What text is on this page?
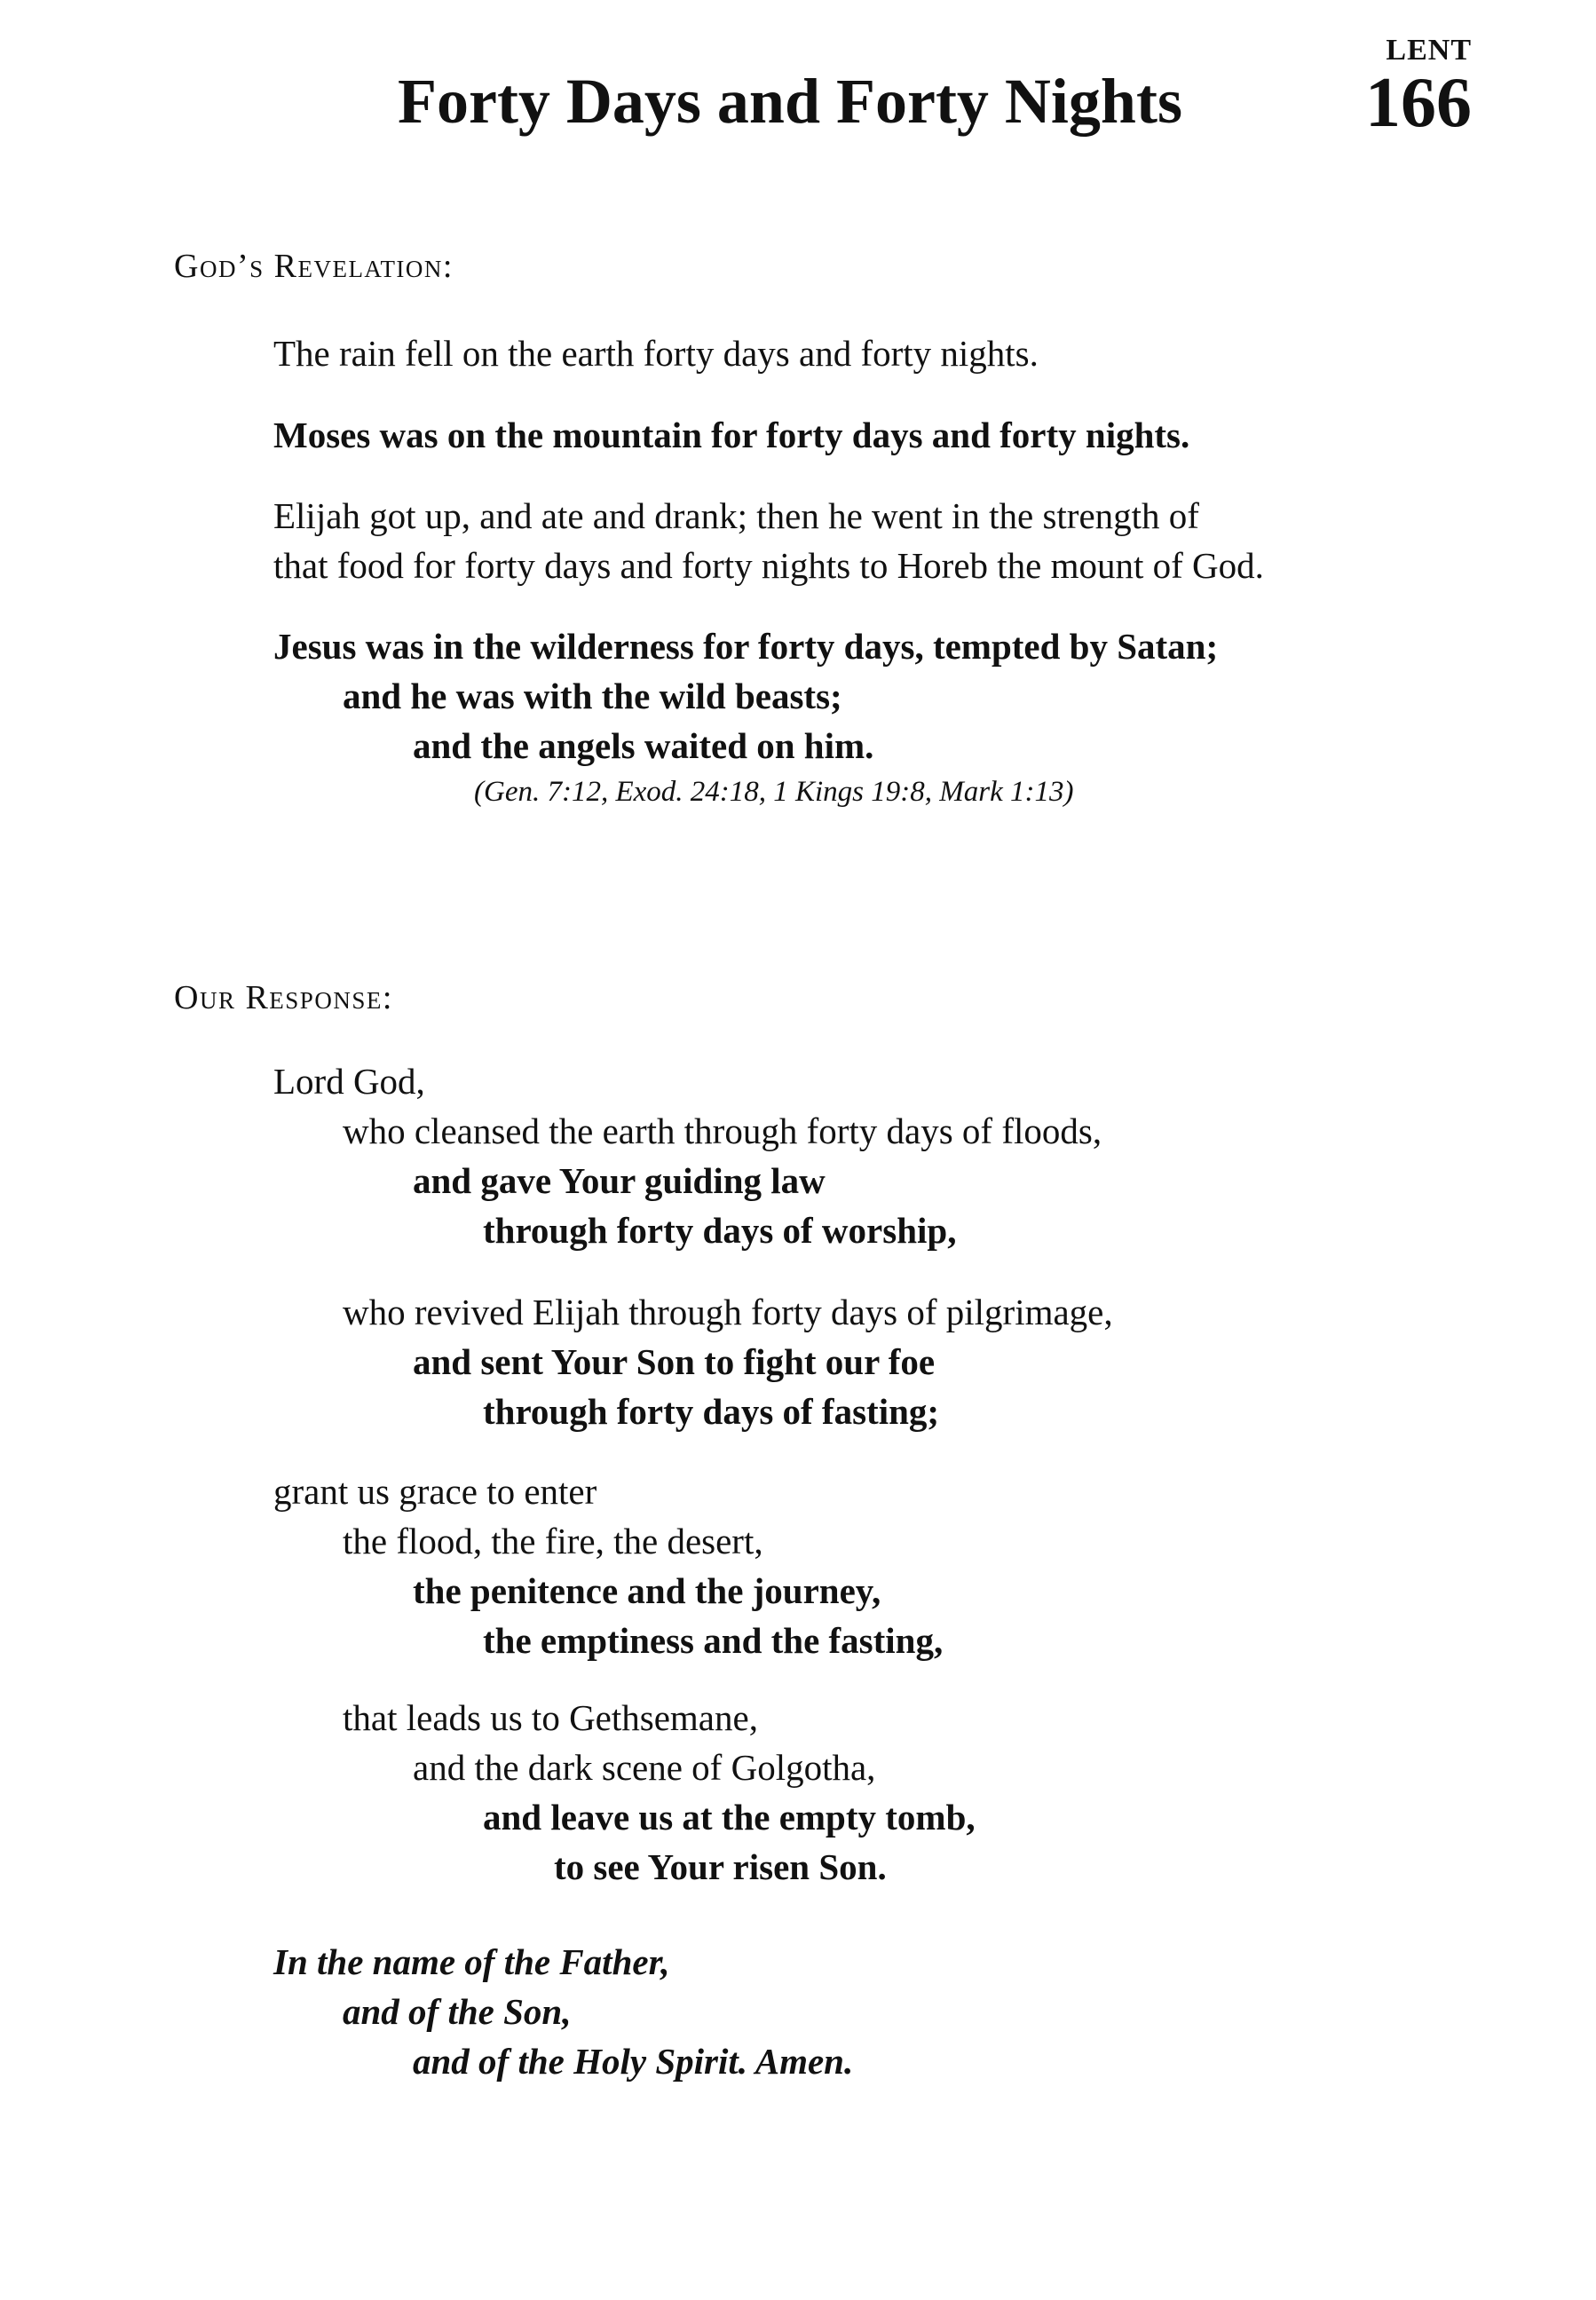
LENT
Forty Days and Forty Nights	166
God’s Revelation:
The rain fell on the earth forty days and forty nights.
Moses was on the mountain for forty days and forty nights.
Elijah got up, and ate and drank; then he went in the strength of
that food for forty days and forty nights to Horeb the mount of God.
Jesus was in the wilderness for forty days, tempted by Satan;
and he was with the wild beasts;
and the angels waited on him.
(Gen. 7:12, Exod. 24:18, 1 Kings 19:8, Mark 1:13)
Our Response:
Lord God,
who cleansed the earth through forty days of floods,
and gave Your guiding law
through forty days of worship,
who revived Elijah through forty days of pilgrimage,
and sent Your Son to fight our foe
through forty days of fasting;
grant us grace to enter
the flood, the fire, the desert,
the penitence and the journey,
the emptiness and the fasting,
that leads us to Gethsemane,
and the dark scene of Golgotha,
and leave us at the empty tomb,
to see Your risen Son.
In the name of the Father,
and of the Son,
and of the Holy Spirit. Amen.
